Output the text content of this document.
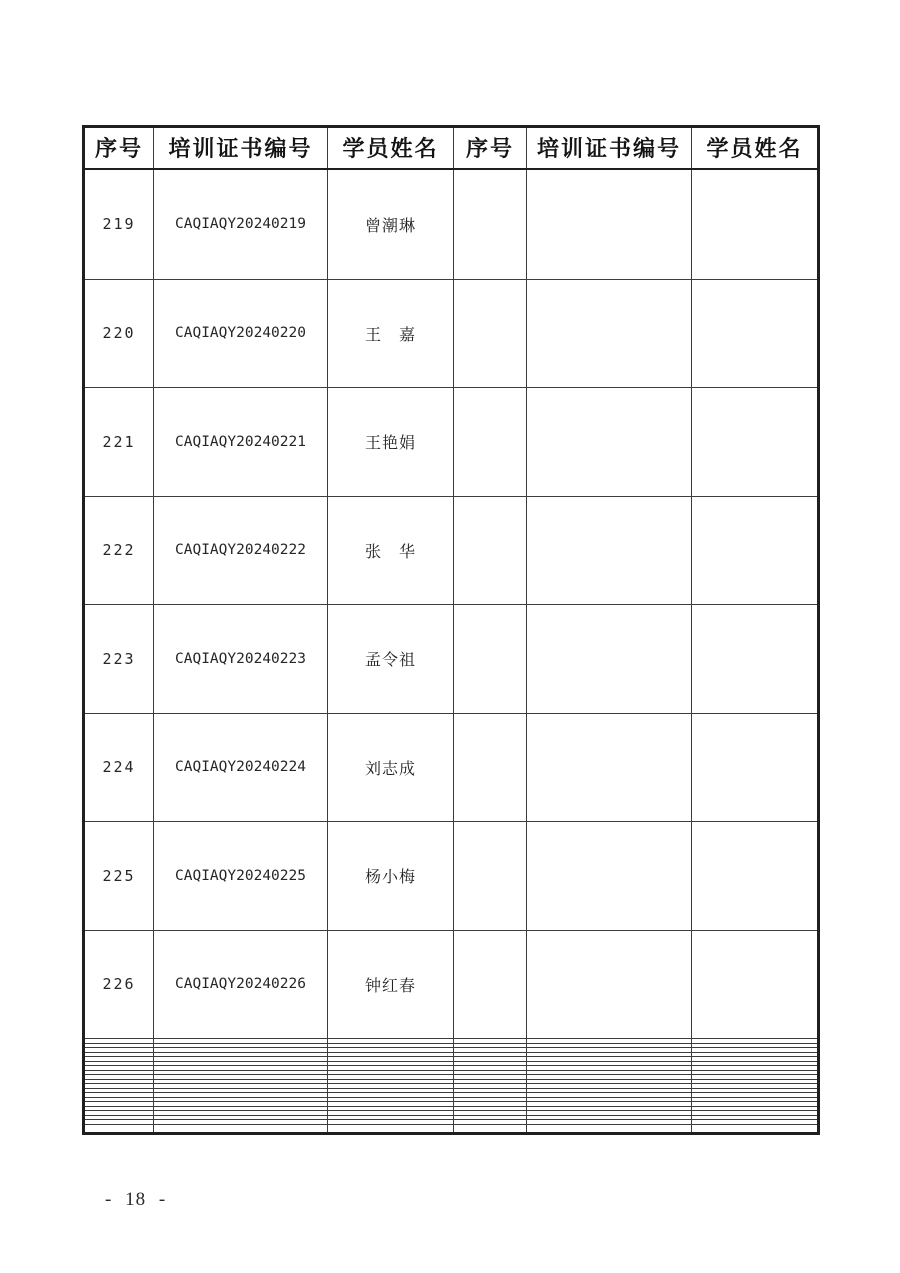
序号	培训证书编号	学员姓名	序号	培训证书编号	学员姓名
219	CAQIAQY20240219	曾潮琳			
220	CAQIAQY20240220	王　嘉			
221	CAQIAQY20240221	王艳娟			
222	CAQIAQY20240222	张　华			
223	CAQIAQY20240223	孟令祖			
224	CAQIAQY20240224	刘志成			
225	CAQIAQY20240225	杨小梅			
226	CAQIAQY20240226	钟红春			

- 18 -
